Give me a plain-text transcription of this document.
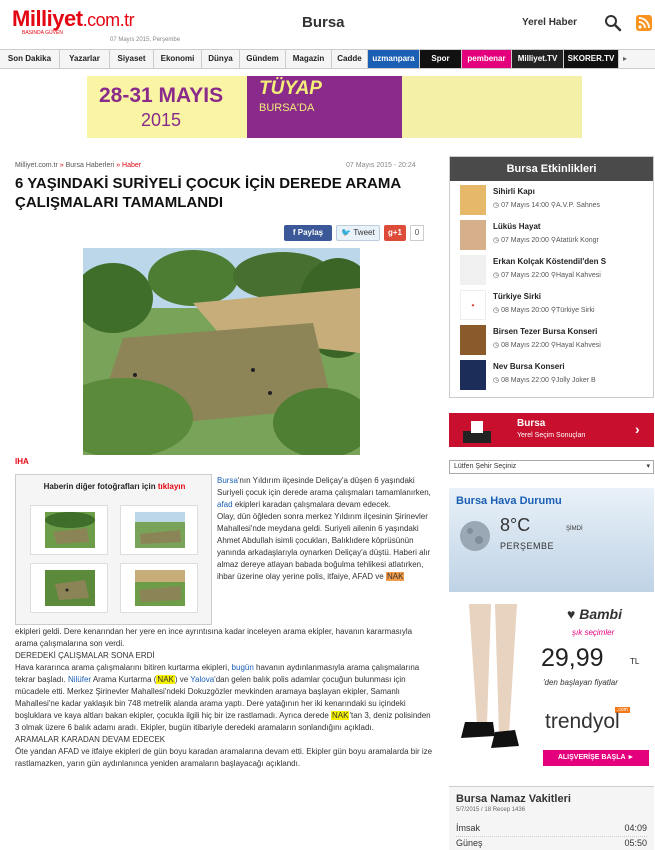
Milliyet.com.tr
BASINDA GÜVEN
07 Mayıs 2015, Perşembe
Bursa	Yerel Haber
Son Dakika	Yazarlar	Siyaset	Ekonomi	Dünya	Gündem	Magazin	Cadde	uzmanpara	Spor	pembenar	Milliyet.TV	SKORER.TV	▸
28-31 MAYIS
2015
TÜYAP
BURSA'DA
Milliyet.com.tr » Bursa Haberleri » Haber	07 Mayıs 2015 - 20:24
6 YAŞINDAKİ SURİYELİ ÇOCUK İÇİN DEREDE ARAMA ÇALIŞMALARI TAMAMLANDI
f Paylaş	🐦 Tweet	g+1	0
IHA
Haberin diğer fotoğrafları için tıklayın
Bursa'nın Yıldırım ilçesinde Deliçay'a düşen 6 yaşındaki Suriyeli çocuk için derede arama çalışmaları tamamlanırken, afad ekipleri karadan çalışmalara devam edecek.
Olay, dün öğleden sonra merkez Yıldırım ilçesinin Şirinevler Mahallesi'nde meydana geldi. Suriyeli ailenin 6 yaşındaki Ahmet Abdullah isimli çocukları, Balıklıdere köprüsünün yanında arkadaşlarıyla oynarken Deliçay'a düştü. Haberi alır almaz dereye atlayan babada boğulma tehlikesi atlatırken, ihbar üzerine olay yerine polis, itfaiye, AFAD ve NAK
ekipleri geldi. Dere kenarından her yere en ince ayrıntısına kadar inceleyen arama ekipler, havanın kararmasıyla arama çalışmalarına son verdi.
DEREDEKİ ÇALIŞMALAR SONA ERDİ
Hava kararınca arama çalışmalarını bitiren kurtarma ekipleri, bugün havanın aydınlanmasıyla arama çalışmalarına tekrar başladı. Nilüfer Arama Kurtarma (NAK) ve Yalova'dan gelen balık polis adamlar çocuğun bulunması için mücadele etti. Merkez Şirinevler Mahallesi'ndeki Dokuzgözler mevkinden aramaya başlayan ekipler, Samanlı Mahallesi'ne kadar yaklaşık bin 748 metrelik alanda arama yaptı. Dere yatağının her iki kenarındaki su içindeki boşluklara ve kaya altları bakan ekipler, çocukla ilgili hiç bir ize rastlamadı. Ayrıca derede NAK'tan 3, deniz polisinden 3 olmak üzere 6 balık adamı aradı. Ekipler, bugün itibariyle deredeki aramaların sonlandığını açıkladı.
ARAMALAR KARADAN DEVAM EDECEK
Öte yandan AFAD ve itfaiye ekipleri de gün boyu karadan aramalarına devam etti. Ekipler gün boyu aramalarda bir ize rastlamazken, yarın gün aydınlanınca yeniden aramaların başlayacağı açıklandı.
Bursa Etkinlikleri
Sihirli Kapı
◷ 07 Mayıs 14:00 ⚲A.V.P. Sahnes
Lüküs Hayat
◷ 07 Mayıs 20:00 ⚲Atatürk Kongr
Erkan Kolçak Köstendil'den S
◷ 07 Mayıs 22:00 ⚲Hayal Kahvesi
✦
Türkiye Sirki
◷ 08 Mayıs 20:00 ⚲Türkiye Sirki
Birsen Tezer Bursa Konseri
◷ 08 Mayıs 22:00 ⚲Hayal Kahvesi
Nev Bursa Konseri
◷ 08 Mayıs 22:00 ⚲Jolly Joker B
Bursa
Yerel Seçim Sonuçları	›
Lütfen Şehir Seçiniz	▾
Bursa Hava Durumu
8°C	ŞİMDİ
PERŞEMBE
♥ Bambi
şık seçimler
29,99	TL
'den başlayan fiyatlar
.com
trendyol
ALIŞVERİŞE BAŞLA ►
Bursa Namaz Vakitleri
5/7/2015 / 18 Recep 1436
İmsak	04:09
Güneş	05:50
